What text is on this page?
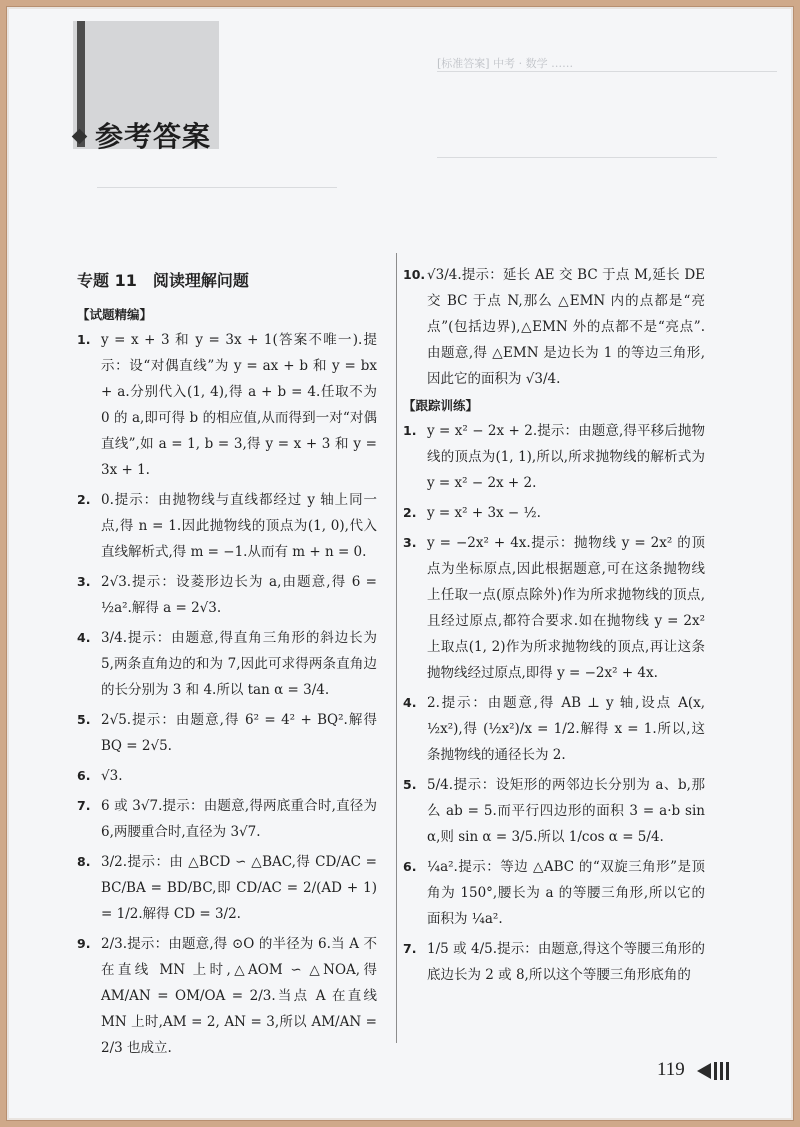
参考答案
[标准答案] 中考 · 数学 ……
专题 11　阅读理解问题
【试题精编】
1. y = x + 3 和 y = 3x + 1(答案不唯一).提示：设“对偶直线”为 y = ax + b 和 y = bx + a.分别代入(1, 4),得 a + b = 4.任取不为 0 的 a,即可得 b 的相应值,从而得到一对“对偶直线”,如 a = 1, b = 3,得 y = x + 3 和 y = 3x + 1.
2. 0.提示：由抛物线与直线都经过 y 轴上同一点,得 n = 1.因此抛物线的顶点为(1, 0),代入直线解析式,得 m = −1.从而有 m + n = 0.
3. 2√3.提示：设菱形边长为 a,由题意,得 6 = ½a².解得 a = 2√3.
4. 3/4.提示：由题意,得直角三角形的斜边长为 5,两条直角边的和为 7,因此可求得两条直角边的长分别为 3 和 4.所以 tan α = 3/4.
5. 2√5.提示：由题意,得 6² = 4² + BQ².解得 BQ = 2√5.
6. √3.
7. 6 或 3√7.提示：由题意,得两底重合时,直径为 6,两腰重合时,直径为 3√7.
8. 3/2.提示：由 △BCD ∽ △BAC,得 CD/AC = BC/BA = BD/BC,即 CD/AC = 2/(AD + 1) = 1/2.解得 CD = 3/2.
9. 2/3.提示：由题意,得 ⊙O 的半径为 6.当 A 不在直线 MN 上时,△AOM ∽ △NOA,得 AM/AN = OM/OA = 2/3.当点 A 在直线 MN 上时,AM = 2, AN = 3,所以 AM/AN = 2/3 也成立.
10. √3/4.提示：延长 AE 交 BC 于点 M,延长 DE 交 BC 于点 N,那么 △EMN 内的点都是“亮点”(包括边界),△EMN 外的点都不是“亮点”.由题意,得 △EMN 是边长为 1 的等边三角形,因此它的面积为 √3/4.
【跟踪训练】
1. y = x² − 2x + 2.提示：由题意,得平移后抛物线的顶点为(1, 1),所以,所求抛物线的解析式为 y = x² − 2x + 2.
2. y = x² + 3x − ½.
3. y = −2x² + 4x.提示：抛物线 y = 2x² 的顶点为坐标原点,因此根据题意,可在这条抛物线上任取一点(原点除外)作为所求抛物线的顶点,且经过原点,都符合要求.如在抛物线 y = 2x² 上取点(1, 2)作为所求抛物线的顶点,再让这条抛物线经过原点,即得 y = −2x² + 4x.
4. 2.提示：由题意,得 AB ⊥ y 轴,设点 A(x, ½x²),得 (½x²)/x = 1/2.解得 x = 1.所以,这条抛物线的通径长为 2.
5. 5/4.提示：设矩形的两邻边长分别为 a、b,那么 ab = 5.而平行四边形的面积 3 = a·b sin α,则 sin α = 3/5.所以 1/cos α = 5/4.
6. ¼a².提示：等边 △ABC 的“双旋三角形”是顶角为 150°,腰长为 a 的等腰三角形,所以它的面积为 ¼a².
7. 1/5 或 4/5.提示：由题意,得这个等腰三角形的底边长为 2 或 8,所以这个等腰三角形底角的
119
